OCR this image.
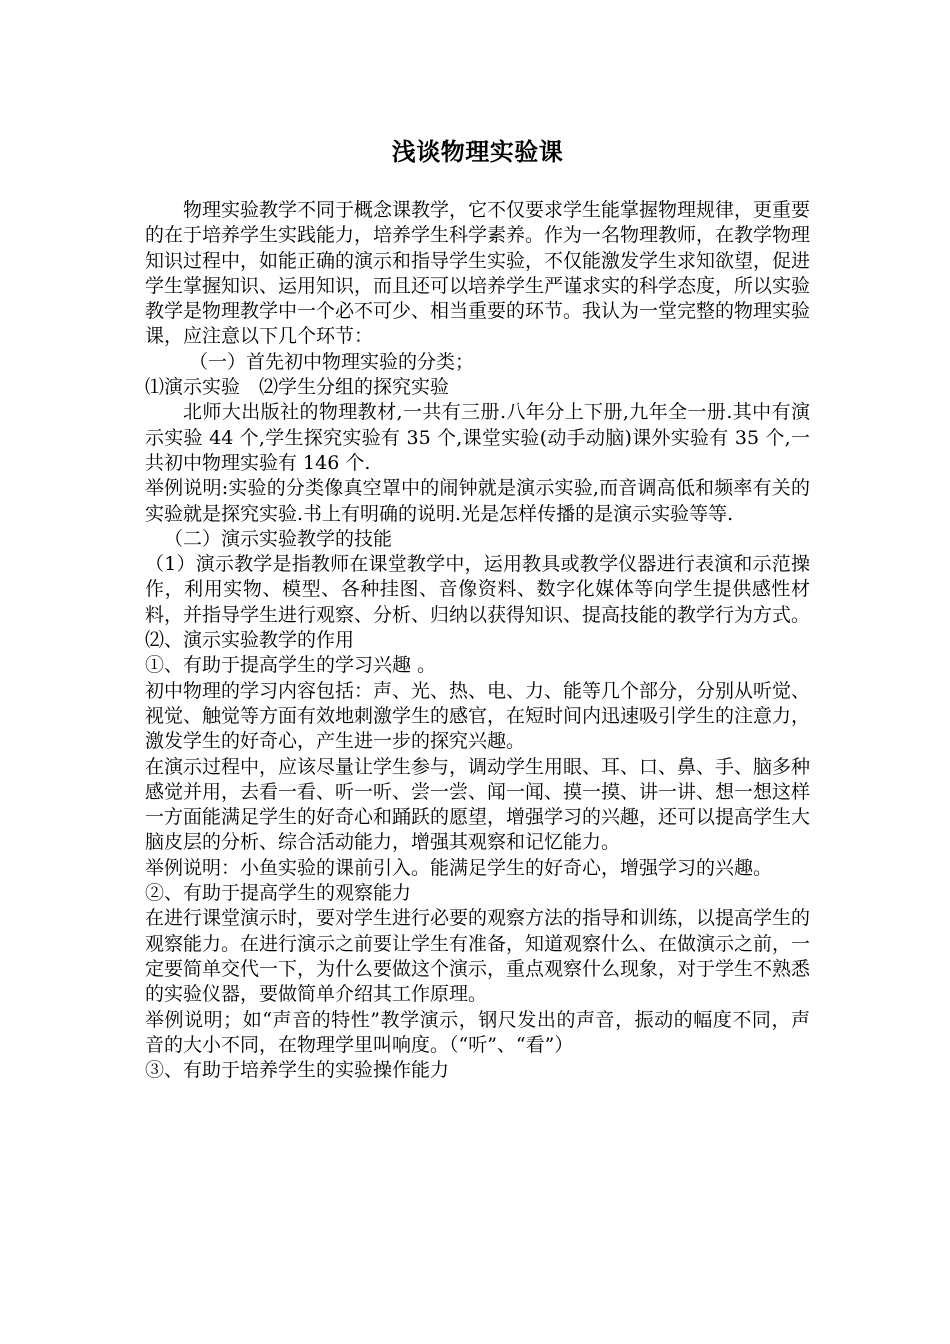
浅谈物理实验课

物理实验教学不同于概念课教学，它不仅要求学生能掌握物理规律，更重要的在于培养学生实践能力，培养学生科学素养。作为一名物理教师，在教学物理知识过程中，如能正确的演示和指导学生实验，不仅能激发学生求知欲望，促进学生掌握知识、运用知识，而且还可以培养学生严谨求实的科学态度，所以实验教学是物理教学中一个必不可少、相当重要的环节。我认为一堂完整的物理实验课，应注意以下几个环节：

（一）首先初中物理实验的分类；

⑴演示实验　⑵学生分组的探究实验

北师大出版社的物理教材,一共有三册.八年分上下册,九年全一册.其中有演示实验 44 个,学生探究实验有 35 个,课堂实验(动手动脑)课外实验有 35 个,一共初中物理实验有 146 个.

举例说明:实验的分类像真空罩中的闹钟就是演示实验,而音调高低和频率有关的实验就是探究实验.书上有明确的说明.光是怎样传播的是演示实验等等.

（二）演示实验教学的技能

（1）演示教学是指教师在课堂教学中，运用教具或教学仪器进行表演和示范操作，利用实物、模型、各种挂图、音像资料、数字化媒体等向学生提供感性材料，并指导学生进行观察、分析、归纳以获得知识、提高技能的教学行为方式。

⑵、演示实验教学的作用

①、有助于提高学生的学习兴趣 。

初中物理的学习内容包括：声、光、热、电、力、能等几个部分，分别从听觉、视觉、触觉等方面有效地刺激学生的感官，在短时间内迅速吸引学生的注意力，激发学生的好奇心，产生进一步的探究兴趣。

在演示过程中，应该尽量让学生参与，调动学生用眼、耳、口、鼻、手、脑多种感觉并用，去看一看、听一听、尝一尝、闻一闻、摸一摸、讲一讲、想一想这样一方面能满足学生的好奇心和踊跃的愿望，增强学习的兴趣，还可以提高学生大脑皮层的分析、综合活动能力，增强其观察和记忆能力。

举例说明：小鱼实验的课前引入。能满足学生的好奇心，增强学习的兴趣。

②、有助于提高学生的观察能力

在进行课堂演示时，要对学生进行必要的观察方法的指导和训练，以提高学生的观察能力。在进行演示之前要让学生有准备，知道观察什么、在做演示之前，一定要简单交代一下，为什么要做这个演示，重点观察什么现象，对于学生不熟悉的实验仪器，要做简单介绍其工作原理。

举例说明；如“声音的特性”教学演示，钢尺发出的声音，振动的幅度不同，声音的大小不同，在物理学里叫响度。（“听”、“看”）

③、有助于培养学生的实验操作能力
